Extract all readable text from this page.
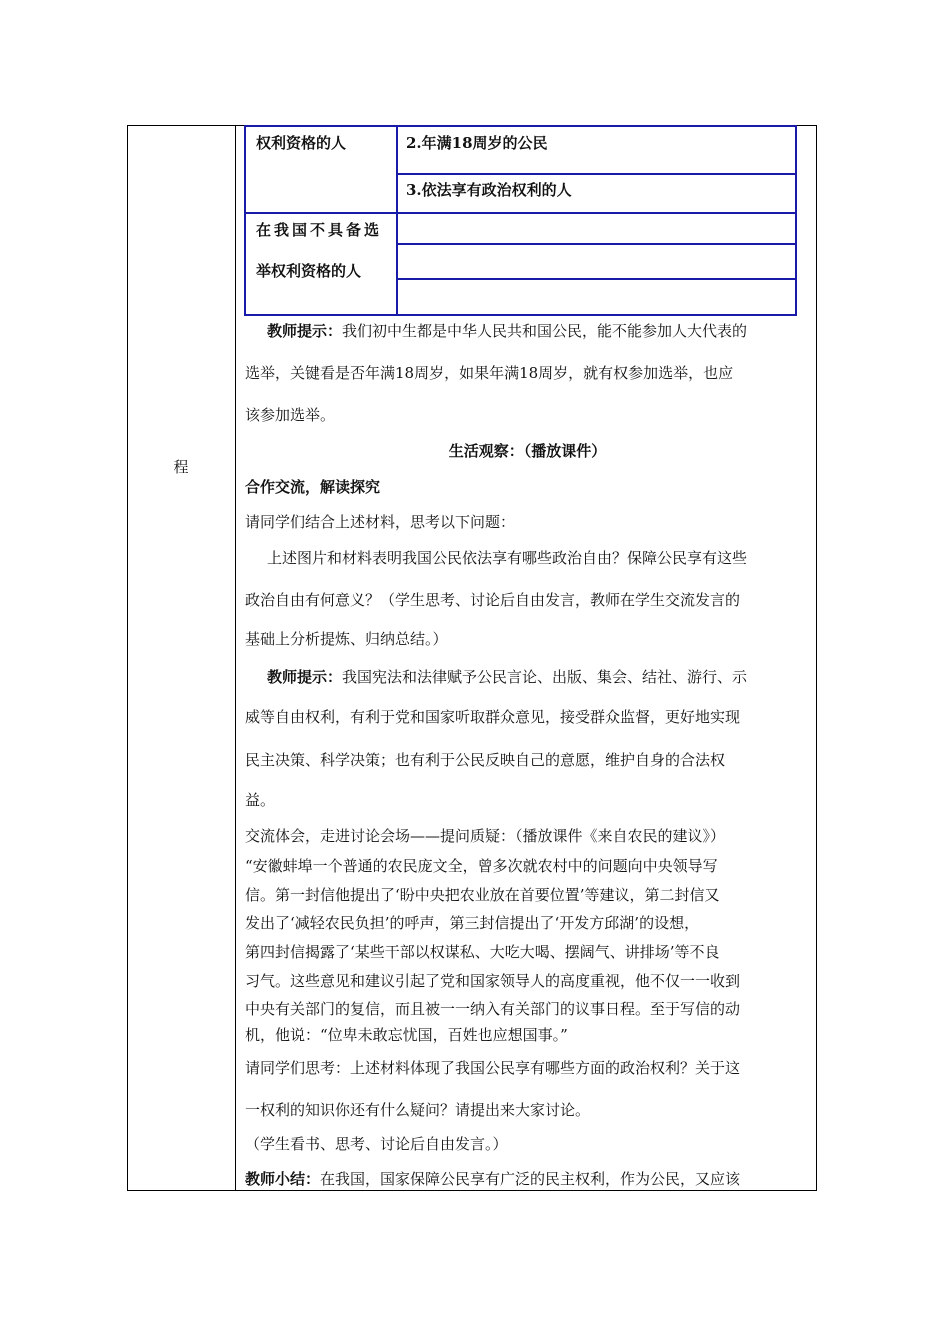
程
权利资格的人	2.年满18周岁的公民
3.依法享有政治权利的人
在我国不具备选
举权利资格的人
教师提示：我们初中生都是中华人民共和国公民，能不能参加人大代表的
选举，关键看是否年满18周岁，如果年满18周岁，就有权参加选举，也应
该参加选举。
生活观察：（播放课件）
合作交流，解读探究
请同学们结合上述材料，思考以下问题：
上述图片和材料表明我国公民依法享有哪些政治自由？保障公民享有这些
政治自由有何意义？（学生思考、讨论后自由发言，教师在学生交流发言的
基础上分析提炼、归纳总结。）
教师提示：我国宪法和法律赋予公民言论、出版、集会、结社、游行、示
威等自由权利，有利于党和国家听取群众意见，接受群众监督，更好地实现
民主决策、科学决策；也有利于公民反映自己的意愿，维护自身的合法权
益。
交流体会，走进讨论会场——提问质疑：（播放课件《来自农民的建议》）
“安徽蚌埠一个普通的农民庞文全，曾多次就农村中的问题向中央领导写
信。第一封信他提出了‘盼中央把农业放在首要位置’等建议，第二封信又
发出了‘减轻农民负担’的呼声，第三封信提出了‘开发方邱湖’的设想，
第四封信揭露了‘某些干部以权谋私、大吃大喝、摆阔气、讲排场’等不良
习气。这些意见和建议引起了党和国家领导人的高度重视，他不仅一一收到
中央有关部门的复信，而且被一一纳入有关部门的议事日程。至于写信的动
机，他说：“位卑未敢忘忧国，百姓也应想国事。”
请同学们思考：上述材料体现了我国公民享有哪些方面的政治权利？关于这
一权利的知识你还有什么疑问？请提出来大家讨论。
（学生看书、思考、讨论后自由发言。）
教师小结：在我国，国家保障公民享有广泛的民主权利，作为公民，又应该
